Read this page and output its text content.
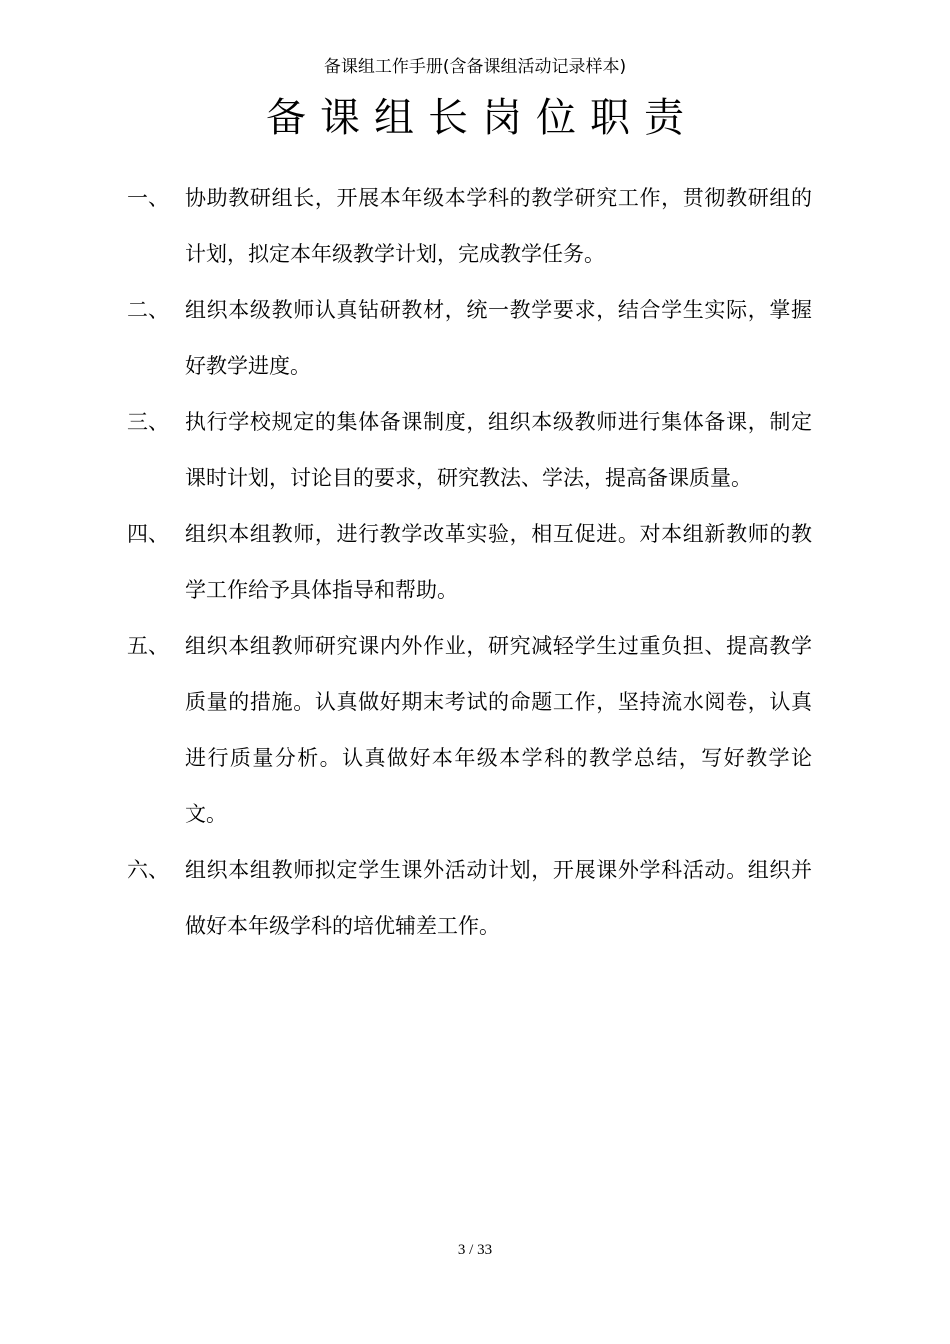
备课组工作手册(含备课组活动记录样本)
备课组长岗位职责
一、 协助教研组长，开展本年级本学科的教学研究工作，贯彻教研组的计划，拟定本年级教学计划，完成教学任务。
二、 组织本级教师认真钻研教材，统一教学要求，结合学生实际，掌握好教学进度。
三、 执行学校规定的集体备课制度，组织本级教师进行集体备课，制定课时计划，讨论目的要求，研究教法、学法，提高备课质量。
四、 组织本组教师，进行教学改革实验，相互促进。对本组新教师的教学工作给予具体指导和帮助。
五、 组织本组教师研究课内外作业，研究减轻学生过重负担、提高教学质量的措施。认真做好期末考试的命题工作，坚持流水阅卷，认真进行质量分析。认真做好本年级本学科的教学总结，写好教学论文。
六、 组织本组教师拟定学生课外活动计划，开展课外学科活动。组织并做好本年级学科的培优辅差工作。
3 / 33
